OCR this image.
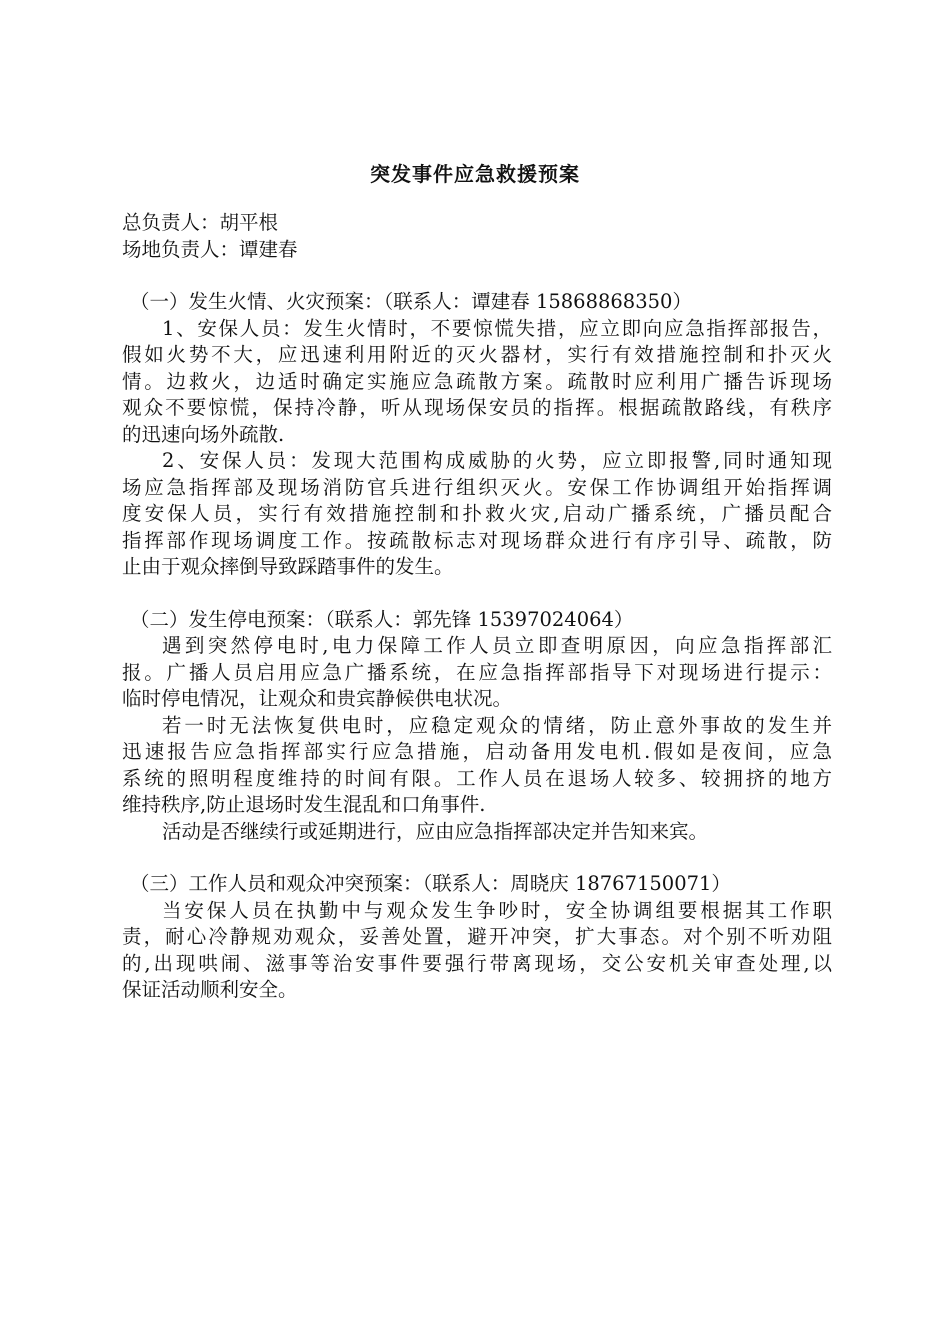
突发事件应急救援预案
总负责人：胡平根
场地负责人：谭建春
（一）发生火情、火灾预案：（联系人：谭建春 15868868350）
1、安保人员：发生火情时，不要惊慌失措，应立即向应急指挥部报告，
假如火势不大，应迅速利用附近的灭火器材，实行有效措施控制和扑灭火
情。边救火，边适时确定实施应急疏散方案。疏散时应利用广播告诉现场
观众不要惊慌，保持冷静，听从现场保安员的指挥。根据疏散路线，有秩序
的迅速向场外疏散.
2、安保人员：发现大范围构成威胁的火势，应立即报警,同时通知现
场应急指挥部及现场消防官兵进行组织灭火。安保工作协调组开始指挥调
度安保人员，实行有效措施控制和扑救火灾,启动广播系统，广播员配合
指挥部作现场调度工作。按疏散标志对现场群众进行有序引导、疏散，防
止由于观众摔倒导致踩踏事件的发生。
（二）发生停电预案：（联系人：郭先锋 15397024064）
遇到突然停电时,电力保障工作人员立即查明原因，向应急指挥部汇
报。广播人员启用应急广播系统，在应急指挥部指导下对现场进行提示：
临时停电情况，让观众和贵宾静候供电状况。
若一时无法恢复供电时，应稳定观众的情绪，防止意外事故的发生并
迅速报告应急指挥部实行应急措施，启动备用发电机.假如是夜间，应急
系统的照明程度维持的时间有限。工作人员在退场人较多、较拥挤的地方
维持秩序,防止退场时发生混乱和口角事件.
活动是否继续行或延期进行，应由应急指挥部决定并告知来宾。
（三）工作人员和观众冲突预案：（联系人：周晓庆 18767150071）
当安保人员在执勤中与观众发生争吵时，安全协调组要根据其工作职
责，耐心冷静规劝观众，妥善处置，避开冲突，扩大事态。对个别不听劝阻
的,出现哄闹、滋事等治安事件要强行带离现场，交公安机关审查处理,以
保证活动顺利安全。
